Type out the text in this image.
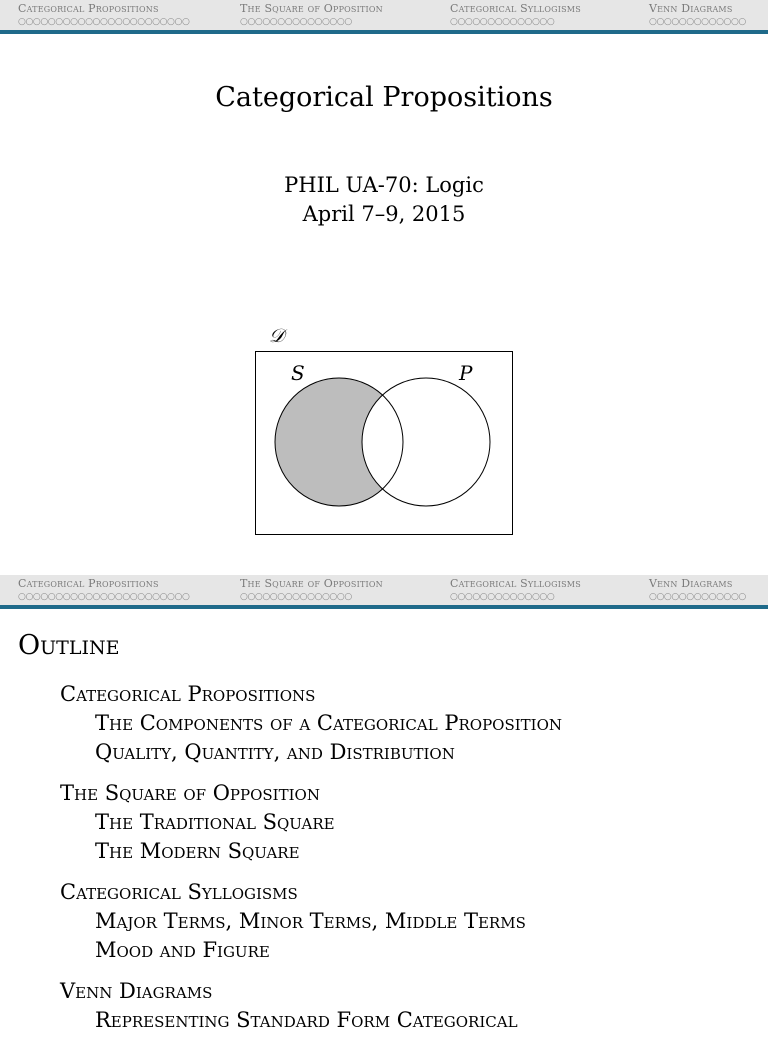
Categorical Propositions
○○○○○○○○○○○○○○○○○○○○○○○
The Square of Opposition
○○○○○○○○○○○○○○○
Categorical Syllogisms
○○○○○○○○○○○○○○
Venn Diagrams
○○○○○○○○○○○○○
Categorical Propositions
PHIL UA-70: Logic
April 7–9, 2015
𝒟
S	P
Categorical Propositions
○○○○○○○○○○○○○○○○○○○○○○○
The Square of Opposition
○○○○○○○○○○○○○○○
Categorical Syllogisms
○○○○○○○○○○○○○○
Venn Diagrams
○○○○○○○○○○○○○
Outline
Categorical Propositions
The Components of a Categorical Proposition
Quality, Quantity, and Distribution
The Square of Opposition
The Traditional Square
The Modern Square
Categorical Syllogisms
Major Terms, Minor Terms, Middle Terms
Mood and Figure
Venn Diagrams
Representing Standard Form Categorical
